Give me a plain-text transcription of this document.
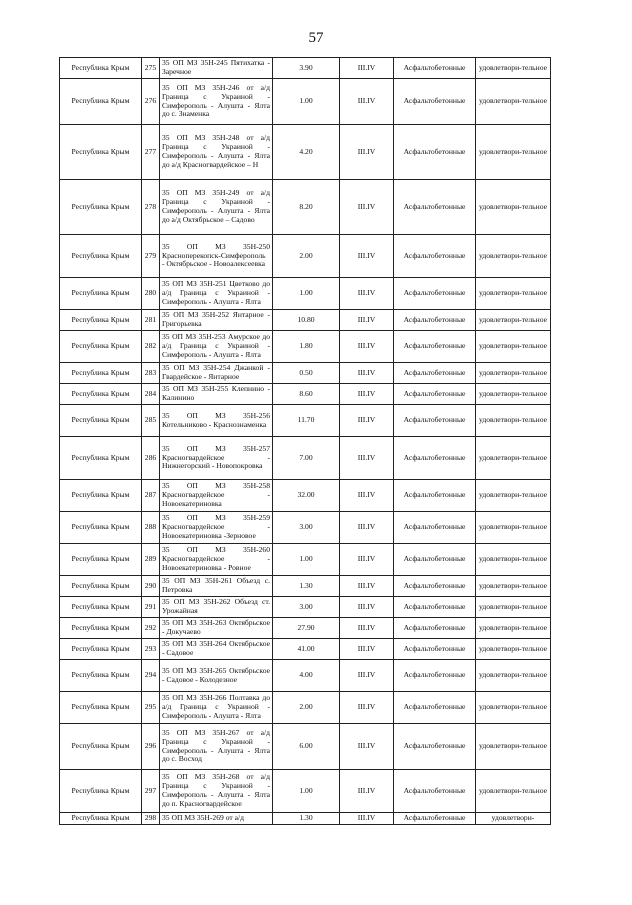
57
Республика Крым	275	35 ОП МЗ 35Н-245 Пятихатка - Заречное	3.90	III.IV	Асфальтобетонные	удовлетвори-тельное
Республика Крым	276	35 ОП МЗ 35Н-246 от а/д Граница с Украиной - Симферополь - Алушта - Ялта до с. Знаменка	1.00	III.IV	Асфальтобетонные	удовлетвори-тельное
Республика Крым	277	35 ОП МЗ 35Н-248 от а/д Граница с Украиной - Симферополь - Алушта - Ялта до а/д Красногвардейское – Н	4.20	III.IV	Асфальтобетонные	удовлетвори-тельное
Республика Крым	278	35 ОП МЗ 35Н-249 от а/д Граница с Украиной - Симферополь - Алушта - Ялта до а/д Октябрьское – Садово	8.20	III.IV	Асфальтобетонные	удовлетвори-тельное
Республика Крым	279	35 ОП МЗ 35Н-250 Красноперекопск-Симферополь - Октябрьское - Новоалексеевка	2.00	III.IV	Асфальтобетонные	удовлетвори-тельное
Республика Крым	280	35 ОП МЗ 35Н-251 Цветково до а/д Граница с Украиной - Симферополь - Алушта - Ялта	1.00	III.IV	Асфальтобетонные	удовлетвори-тельное
Республика Крым	281	35 ОП МЗ 35Н-252 Янтарное - Григорьевка	10.80	III.IV	Асфальтобетонные	удовлетвори-тельное
Республика Крым	282	35 ОП МЗ 35Н-253 Амурское до а/д Граница с Украиной - Симферополь - Алушта - Ялта	1.80	III.IV	Асфальтобетонные	удовлетвори-тельное
Республика Крым	283	35 ОП МЗ 35Н-254 Джанкой - Гвардейское - Янтарное	0.50	III.IV	Асфальтобетонные	удовлетвори-тельное
Республика Крым	284	35 ОП МЗ 35Н-255 Клепнино - Калинино	8.60	III.IV	Асфальтобетонные	удовлетвори-тельное
Республика Крым	285	35 ОП МЗ 35Н-256 Котельниково - Краснознаменка	11.70	III.IV	Асфальтобетонные	удовлетвори-тельное
Республика Крым	286	35 ОП МЗ 35Н-257 Красногвардейское - Нижнегорский - Новопокровка	7.00	III.IV	Асфальтобетонные	удовлетвори-тельное
Республика Крым	287	35 ОП МЗ 35Н-258 Красногвардейское - Новоекатериновка	32.00	III.IV	Асфальтобетонные	удовлетвори-тельное
Республика Крым	288	35 ОП МЗ 35Н-259 Красногвардейское - Новоекатериновка -Зерновое	3.00	III.IV	Асфальтобетонные	удовлетвори-тельное
Республика Крым	289	35 ОП МЗ 35Н-260 Красногвардейское - Новоекатериновка - Ровное	1.00	III.IV	Асфальтобетонные	удовлетвори-тельное
Республика Крым	290	35 ОП МЗ 35Н-261 Объезд с. Петровка	1.30	III.IV	Асфальтобетонные	удовлетвори-тельное
Республика Крым	291	35 ОП МЗ 35Н-262 Объезд ст. Урожайная	3.00	III.IV	Асфальтобетонные	удовлетвори-тельное
Республика Крым	292	35 ОП МЗ 35Н-263 Октябрьское - Докучаево	27.90	III.IV	Асфальтобетонные	удовлетвори-тельное
Республика Крым	293	35 ОП МЗ 35Н-264 Октябрьское - Садовое	41.00	III.IV	Асфальтобетонные	удовлетвори-тельное
Республика Крым	294	35 ОП МЗ 35Н-265 Октябрьское - Садовое - Колодезное	4.00	III.IV	Асфальтобетонные	удовлетвори-тельное
Республика Крым	295	35 ОП МЗ 35Н-266 Полтавка до а/д Граница с Украиной - Симферополь - Алушта - Ялта	2.00	III.IV	Асфальтобетонные	удовлетвори-тельное
Республика Крым	296	35 ОП МЗ 35Н-267 от а/д Граница с Украиной - Симферополь - Алушта - Ялта до с. Восход	6.00	III.IV	Асфальтобетонные	удовлетвори-тельное
Республика Крым	297	35 ОП МЗ 35Н-268 от а/д Граница с Украиной - Симферополь - Алушта - Ялта до п. Красногвардейское	1.00	III.IV	Асфальтобетонные	удовлетвори-тельное
Республика Крым	298	35 ОП МЗ 35Н-269 от а/д	1.30	III.IV	Асфальтобетонные	удовлетвори-
